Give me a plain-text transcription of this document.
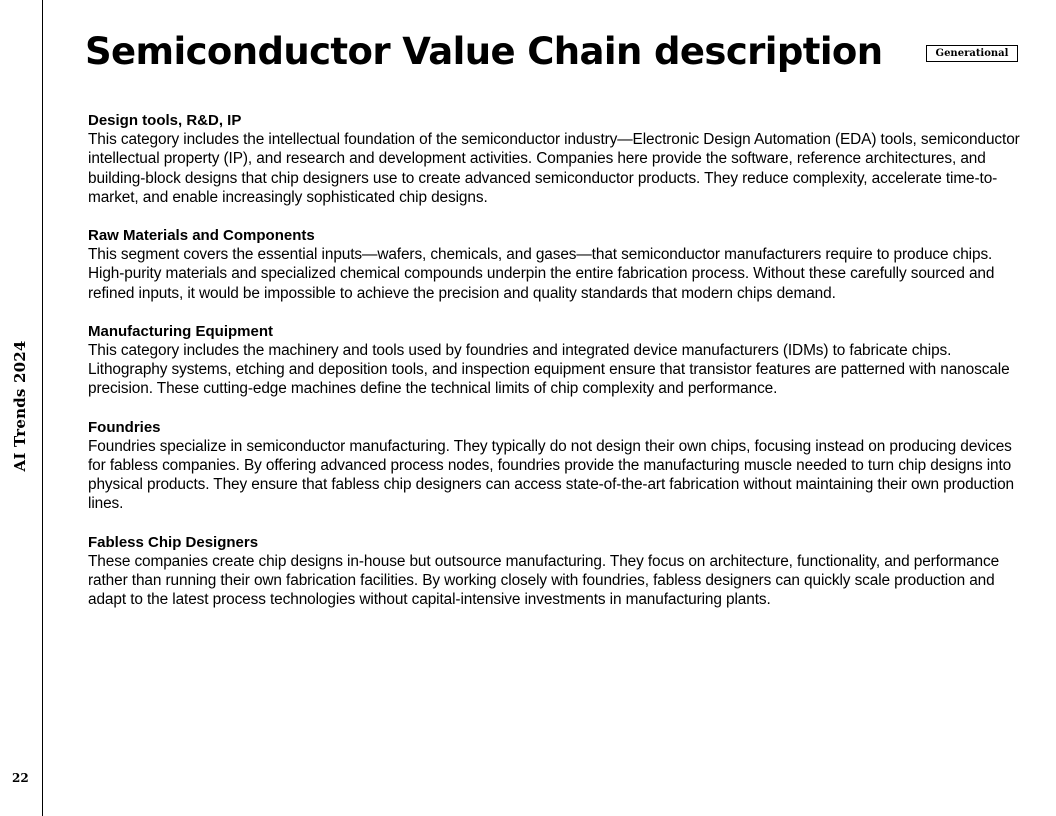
AI Trends 2024
22
Semiconductor Value Chain description	Generational

Design tools, R&D, IP

This category includes the intellectual foundation of the semiconductor industry—Electronic Design Automation (EDA) tools, semiconductor intellectual property (IP), and research and development activities. Companies here provide the software, reference architectures, and building-block designs that chip designers use to create advanced semiconductor products. They reduce complexity, accelerate time-to-market, and enable increasingly sophisticated chip designs.

Raw Materials and Components

This segment covers the essential inputs—wafers, chemicals, and gases—that semiconductor manufacturers require to produce chips. High-purity materials and specialized chemical compounds underpin the entire fabrication process. Without these carefully sourced and refined inputs, it would be impossible to achieve the precision and quality standards that modern chips demand.

Manufacturing Equipment

This category includes the machinery and tools used by foundries and integrated device manufacturers (IDMs) to fabricate chips. Lithography systems, etching and deposition tools, and inspection equipment ensure that transistor features are patterned with nanoscale precision. These cutting-edge machines define the technical limits of chip complexity and performance.

Foundries

Foundries specialize in semiconductor manufacturing. They typically do not design their own chips, focusing instead on producing devices for fabless companies. By offering advanced process nodes, foundries provide the manufacturing muscle needed to turn chip designs into physical products. They ensure that fabless chip designers can access state-of-the-art fabrication without maintaining their own production lines.

Fabless Chip Designers

These companies create chip designs in-house but outsource manufacturing. They focus on architecture, functionality, and performance rather than running their own fabrication facilities. By working closely with foundries, fabless designers can quickly scale production and adapt to the latest process technologies without capital-intensive investments in manufacturing plants.
